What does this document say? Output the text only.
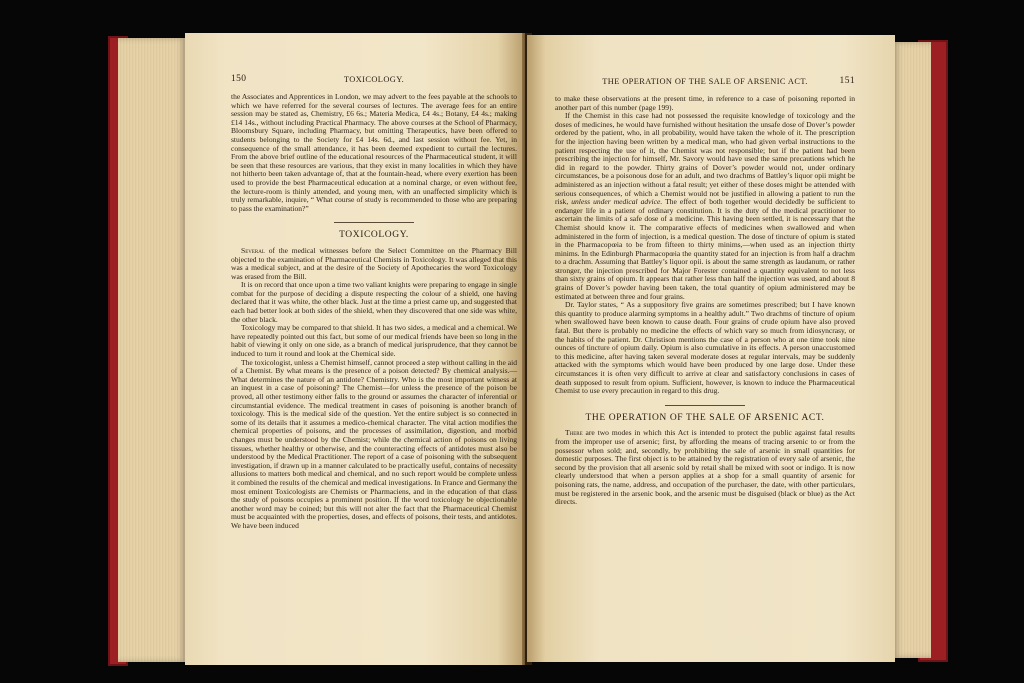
150	TOXICOLOGY.

the Associates and Apprentices in London, we may advert to the fees payable at the schools to which we have referred for the several courses of lectures. The average fees for an entire session may be stated as, Chemistry, £6 6s.; Materia Medica, £4 4s.; Botany, £4 4s.; making £14 14s., without including Practical Pharmacy. The above courses at the School of Pharmacy, Bloomsbury Square, including Pharmacy, but omitting Therapeutics, have been offered to students belonging to the Society for £4 14s. 6d., and last session without fee. Yet, in consequence of the small attendance, it has been deemed expedient to curtail the lectures. From the above brief outline of the educational resources of the Pharmaceutical student, it will be seen that these resources are various, that they exist in many localities in which they have not hitherto been taken advantage of, that at the fountain-head, where every exertion has been used to provide the best Pharmaceutical education at a nominal charge, or even without fee, the lecture-room is thinly attended, and young men, with an unaffected simplicity which is truly remarkable, inquire, “ What course of study is recommended to those who are preparing to pass the examination?”

TOXICOLOGY.

Several of the medical witnesses before the Select Committee on the Pharmacy Bill objected to the examination of Pharmaceutical Chemists in Toxicology. It was alleged that this was a medical subject, and at the desire of the Society of Apothecaries the word Toxicology was erased from the Bill.

It is on record that once upon a time two valiant knights were preparing to engage in single combat for the purpose of deciding a dispute respecting the colour of a shield, one having declared that it was white, the other black. Just at the time a priest came up, and suggested that each had better look at both sides of the shield, when they discovered that one side was white, the other black.

Toxicology may be compared to that shield. It has two sides, a medical and a chemical. We have repeatedly pointed out this fact, but some of our medical friends have been so long in the habit of viewing it only on one side, as a branch of medical jurisprudence, that they cannot be induced to turn it round and look at the Chemical side.

The toxicologist, unless a Chemist himself, cannot proceed a step without calling in the aid of a Chemist. By what means is the presence of a poison detected? By chemical analysis.—What determines the nature of an antidote? Chemistry. Who is the most important witness at an inquest in a case of poisoning? The Chemist—for unless the presence of the poison be proved, all other testimony either falls to the ground or assumes the character of inferential or circumstantial evidence. The medical treatment in cases of poisoning is another branch of toxicology. This is the medical side of the question. Yet the entire subject is so connected in some of its details that it assumes a medico-chemical character. The vital action modifies the chemical properties of poisons, and the processes of assimilation, digestion, and morbid changes must be understood by the Chemist; while the chemical action of poisons on living tissues, whether healthy or otherwise, and the counteracting effects of antidotes must also be understood by the Medical Practitioner. The report of a case of poisoning with the subsequent investigation, if drawn up in a manner calculated to be practically useful, contains of necessity allusions to matters both medical and chemical, and no such report would be complete unless it combined the results of the chemical and medical investigations. In France and Germany the most eminent Toxicologists are Chemists or Pharmaciens, and in the education of that class the study of poisons occupies a prominent position. If the word toxicology be objectionable another word may be coined; but this will not alter the fact that the Pharmaceutical Chemist must be acquainted with the properties, doses, and effects of poisons, their tests, and antidotes. We have been induced

THE OPERATION OF THE SALE OF ARSENIC ACT.	151

to make these observations at the present time, in reference to a case of poisoning reported in another part of this number (page 199).

If the Chemist in this case had not possessed the requisite knowledge of toxicology and the doses of medicines, he would have furnished without hesitation the unsafe dose of Dover’s powder ordered by the patient, who, in all probability, would have taken the whole of it. The prescription for the injection having been written by a medical man, who had given verbal instructions to the patient respecting the use of it, the Chemist was not responsible; but if the patient had been prescribing the injection for himself, Mr. Savory would have used the same precautions which he did in regard to the powder. Thirty grains of Dover’s powder would not, under ordinary circumstances, be a poisonous dose for an adult, and two drachms of Battley’s liquor opii might be administered as an injection without a fatal result; yet either of these doses might be attended with serious consequences, of which a Chemist would not be justified in allowing a patient to run the risk, unless under medical advice. The effect of both together would decidedly be sufficient to endanger life in a patient of ordinary constitution. It is the duty of the medical practitioner to ascertain the limits of a safe dose of a medicine. This having been settled, it is necessary that the Chemist should know it. The comparative effects of medicines when swallowed and when administered in the form of injection, is a medical question. The dose of tincture of opium is stated in the Pharmacopœia to be from fifteen to thirty minims,—when used as an injection thirty minims. In the Edinburgh Pharmacopœia the quantity stated for an injection is from half a drachm to a drachm. Assuming that Battley’s liquor opii. is about the same strength as laudanum, or rather stronger, the injection prescribed for Major Forester contained a quantity equivalent to not less than sixty grains of opium. It appears that rather less than half the injection was used, and about 8 grains of Dover’s powder having been taken, the total quantity of opium administered may be estimated at between three and four grains.

Dr. Taylor states, “ As a suppository five grains are sometimes prescribed; but I have known this quantity to produce alarming symptoms in a healthy adult.” Two drachms of tincture of opium when swallowed have been known to cause death. Four grains of crude opium have also proved fatal. But there is probably no medicine the effects of which vary so much from idiosyncrasy, or the habits of the patient. Dr. Christison mentions the case of a person who at one time took nine ounces of tincture of opium daily. Opium is also cumulative in its effects. A person unaccustomed to this medicine, after having taken several moderate doses at regular intervals, may be suddenly attacked with the symptoms which would have been produced by one large dose. Under these circumstances it is often very difficult to arrive at clear and satisfactory conclusions in cases of death supposed to result from opium. Sufficient, however, is known to induce the Pharmaceutical Chemist to use every precaution in regard to this drug.

THE OPERATION OF THE SALE OF ARSENIC ACT.

There are two modes in which this Act is intended to protect the public against fatal results from the improper use of arsenic; first, by affording the means of tracing arsenic to or from the possessor when sold; and, secondly, by prohibiting the sale of arsenic in small quantities for domestic purposes. The first object is to be attained by the registration of every sale of arsenic, the second by the provision that all arsenic sold by retail shall be mixed with soot or indigo. It is now clearly understood that when a person applies at a shop for a small quantity of arsenic for poisoning rats, the name, address, and occupation of the purchaser, the date, with other particulars, must be registered in the arsenic book, and the arsenic must be disguised (black or blue) as the Act directs.
